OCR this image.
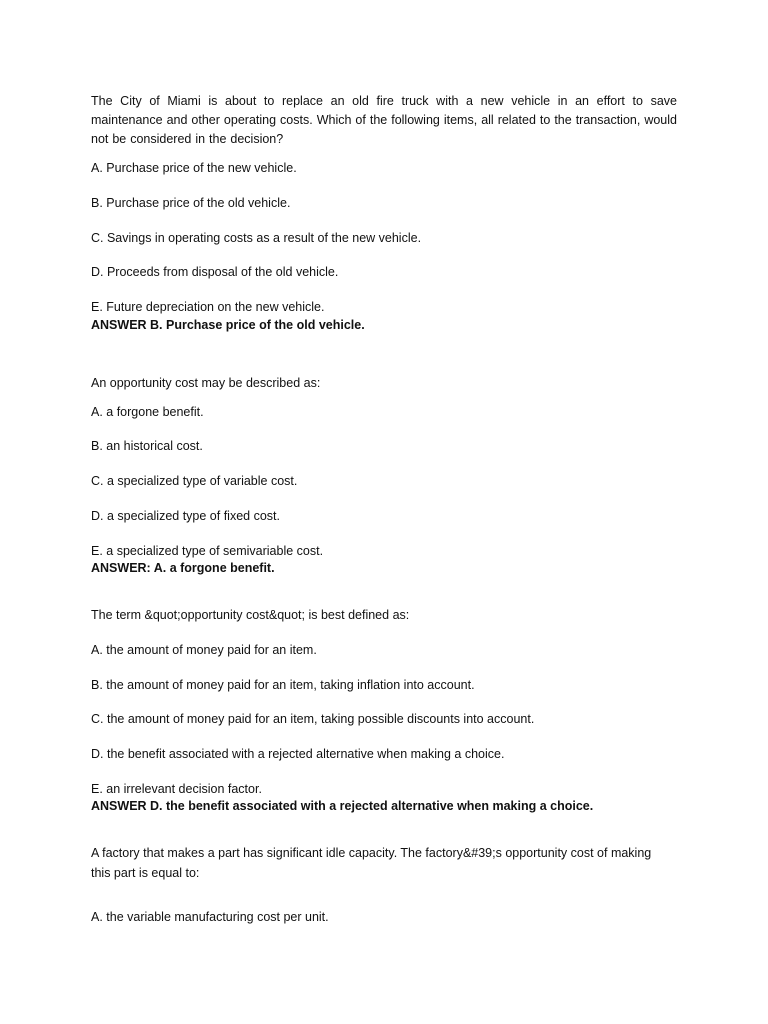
The City of Miami is about to replace an old fire truck with a new vehicle in an effort to save maintenance and other operating costs. Which of the following items, all related to the transaction, would not be considered in the decision?

A. Purchase price of the new vehicle.

B. Purchase price of the old vehicle.

C. Savings in operating costs as a result of the new vehicle.

D. Proceeds from disposal of the old vehicle.

E. Future depreciation on the new vehicle.

ANSWER B. Purchase price of the old vehicle.

An opportunity cost may be described as:

A. a forgone benefit.

B. an historical cost.

C. a specialized type of variable cost.

D. a specialized type of fixed cost.

E. a specialized type of semivariable cost.

ANSWER: A. a forgone benefit.

The term &quot;opportunity cost&quot; is best defined as:

A. the amount of money paid for an item.

B. the amount of money paid for an item, taking inflation into account.

C. the amount of money paid for an item, taking possible discounts into account.

D. the benefit associated with a rejected alternative when making a choice.

E. an irrelevant decision factor.

ANSWER D. the benefit associated with a rejected alternative when making a choice.

A factory that makes a part has significant idle capacity. The factory&#39;s opportunity cost of making

this part is equal to:

A. the variable manufacturing cost per unit.
